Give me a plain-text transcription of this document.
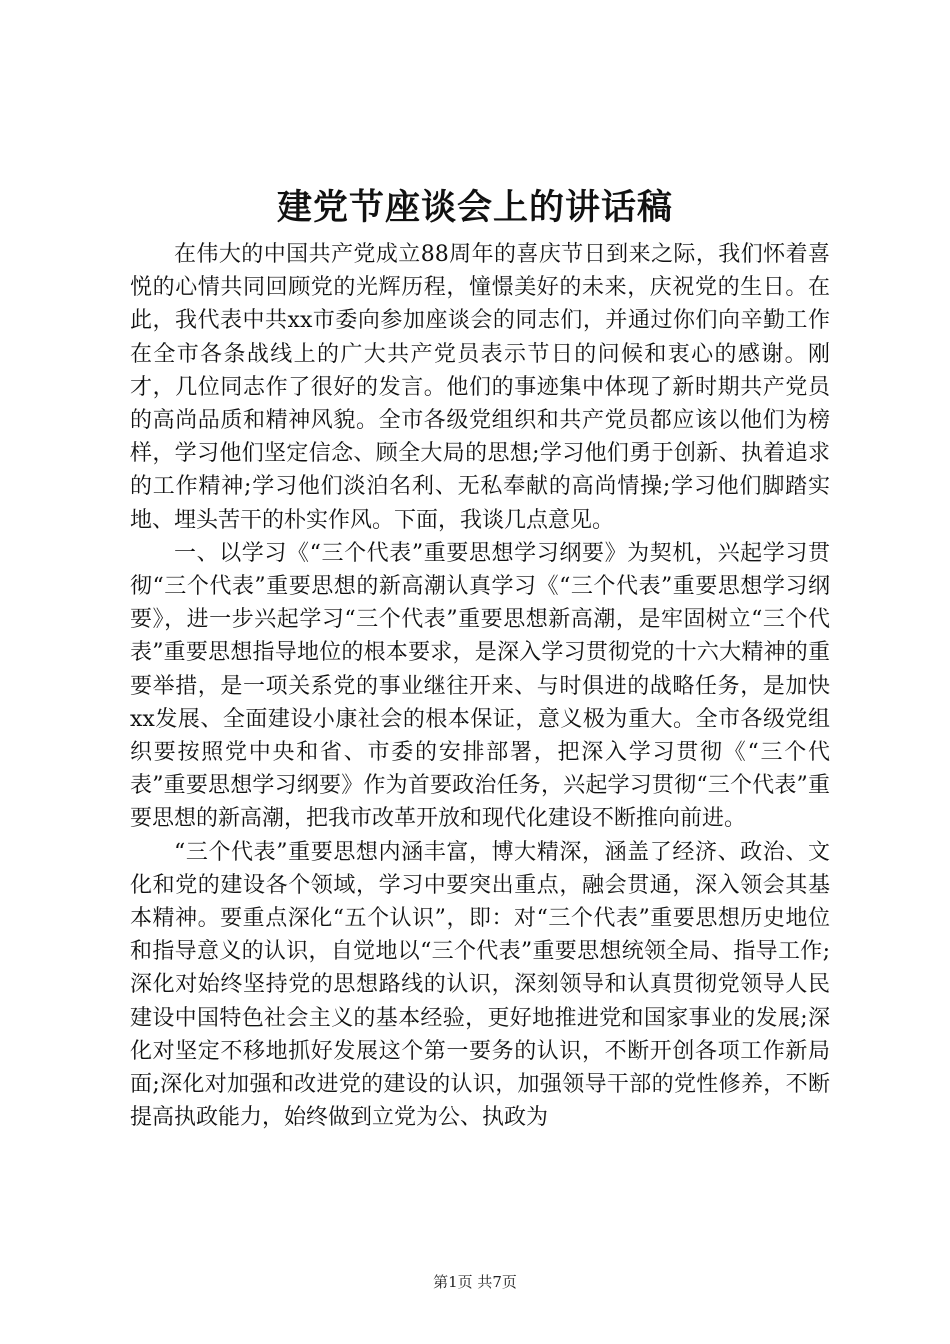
建党节座谈会上的讲话稿

在伟大的中国共产党成立88周年的喜庆节日到来之际，我们怀着喜悦的心情共同回顾党的光辉历程，憧憬美好的未来，庆祝党的生日。在此，我代表中共xx市委向参加座谈会的同志们，并通过你们向辛勤工作在全市各条战线上的广大共产党员表示节日的问候和衷心的感谢。刚才，几位同志作了很好的发言。他们的事迹集中体现了新时期共产党员的高尚品质和精神风貌。全市各级党组织和共产党员都应该以他们为榜样，学习他们坚定信念、顾全大局的思想;学习他们勇于创新、执着追求的工作精神;学习他们淡泊名利、无私奉献的高尚情操;学习他们脚踏实地、埋头苦干的朴实作风。下面，我谈几点意见。

一、以学习《“三个代表”重要思想学习纲要》为契机，兴起学习贯彻“三个代表”重要思想的新高潮认真学习《“三个代表”重要思想学习纲要》，进一步兴起学习“三个代表”重要思想新高潮，是牢固树立“三个代表”重要思想指导地位的根本要求，是深入学习贯彻党的十六大精神的重要举措，是一项关系党的事业继往开来、与时俱进的战略任务，是加快xx发展、全面建设小康社会的根本保证，意义极为重大。全市各级党组织要按照党中央和省、市委的安排部署，把深入学习贯彻《“三个代表”重要思想学习纲要》作为首要政治任务，兴起学习贯彻“三个代表”重要思想的新高潮，把我市改革开放和现代化建设不断推向前进。

“三个代表”重要思想内涵丰富，博大精深，涵盖了经济、政治、文化和党的建设各个领域，学习中要突出重点，融会贯通，深入领会其基本精神。要重点深化“五个认识”，即：对“三个代表”重要思想历史地位和指导意义的认识，自觉地以“三个代表”重要思想统领全局、指导工作;深化对始终坚持党的思想路线的认识，深刻领导和认真贯彻党领导人民建设中国特色社会主义的基本经验，更好地推进党和国家事业的发展;深化对坚定不移地抓好发展这个第一要务的认识，不断开创各项工作新局面;深化对加强和改进党的建设的认识，加强领导干部的党性修养，不断提高执政能力，始终做到立党为公、执政为

第1页 共7页
